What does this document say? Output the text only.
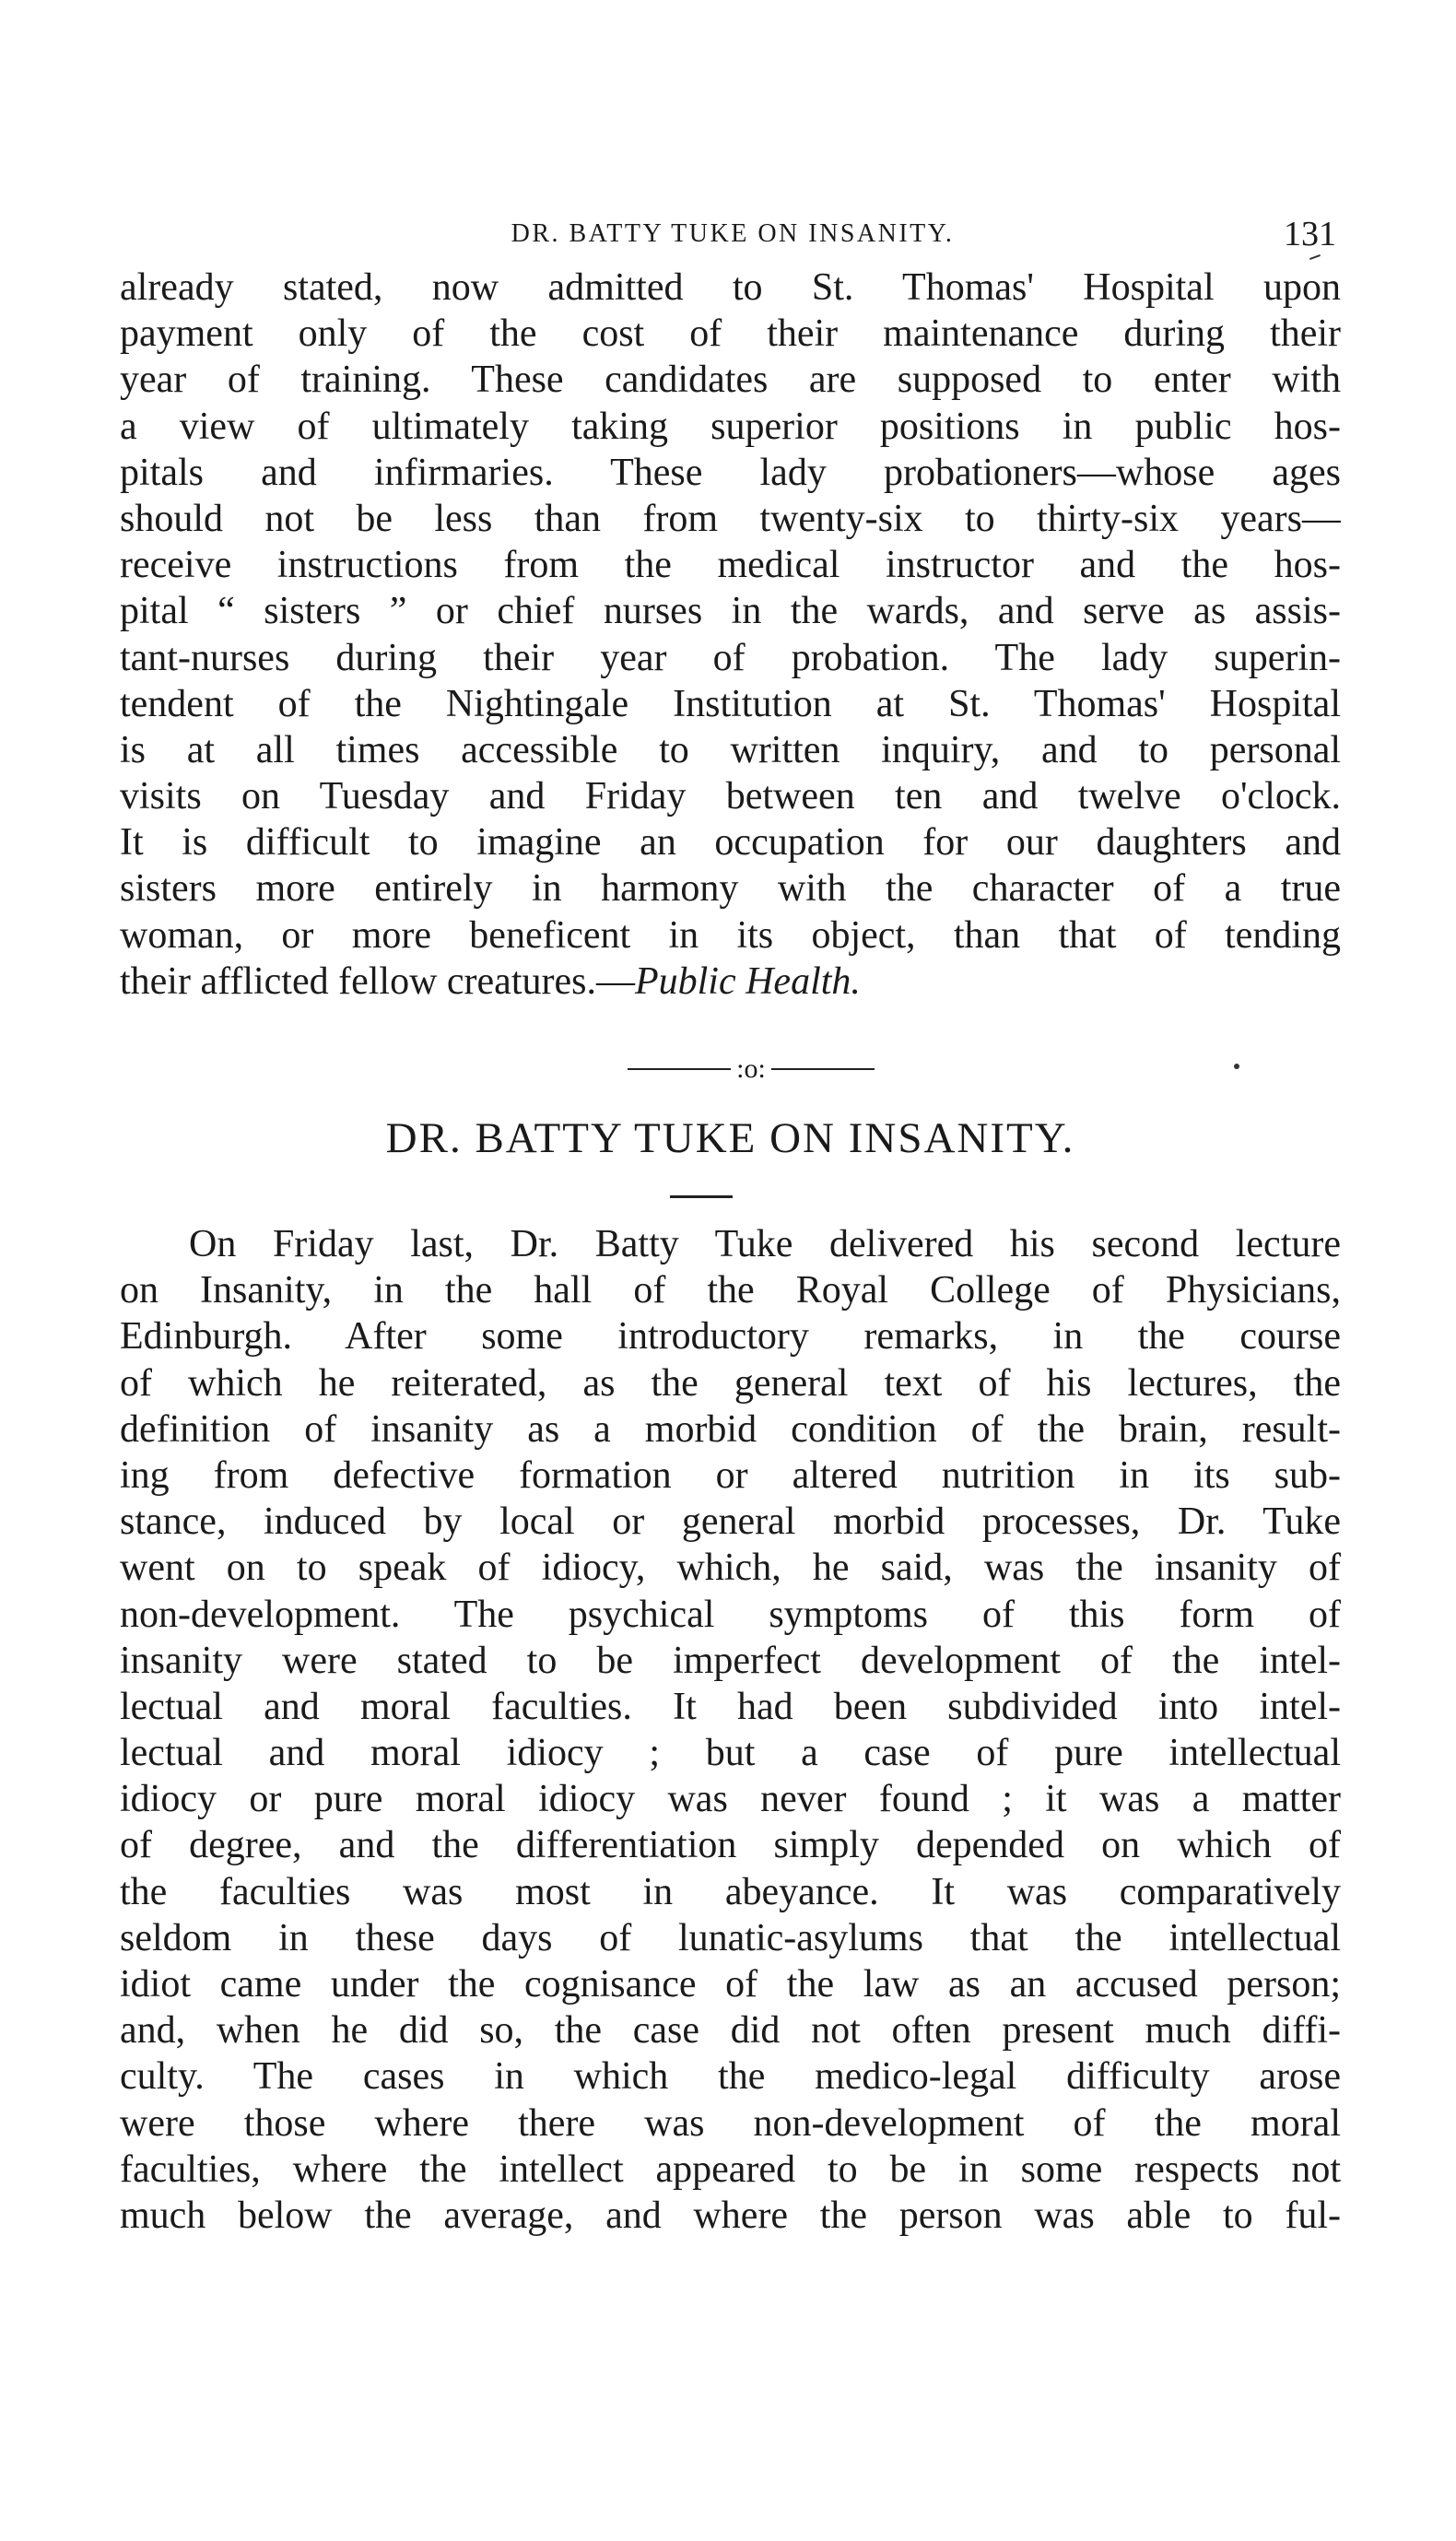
DR. BATTY TUKE ON INSANITY.	131
already stated, now admitted to St. Thomas' Hospital upon
payment only of the cost of their maintenance during their
year of training. These candidates are supposed to enter with
a view of ultimately taking superior positions in public hos-
pitals and infirmaries. These lady probationers—whose ages
should not be less than from twenty-six to thirty-six years—
receive instructions from the medical instructor and the hos-
pital “ sisters ” or chief nurses in the wards, and serve as assis-
tant-nurses during their year of probation. The lady superin-
tendent of the Nightingale Institution at St. Thomas' Hospital
is at all times accessible to written inquiry, and to personal
visits on Tuesday and Friday between ten and twelve o'clock.
It is difficult to imagine an occupation for our daughters and
sisters more entirely in harmony with the character of a true
woman, or more beneficent in its object, than that of tending
their afflicted fellow creatures.—Public Health.
:o:
DR. BATTY TUKE ON INSANITY.
On Friday last, Dr. Batty Tuke delivered his second lecture
on Insanity, in the hall of the Royal College of Physicians,
Edinburgh. After some introductory remarks, in the course
of which he reiterated, as the general text of his lectures, the
definition of insanity as a morbid condition of the brain, result-
ing from defective formation or altered nutrition in its sub-
stance, induced by local or general morbid processes, Dr. Tuke
went on to speak of idiocy, which, he said, was the insanity of
non-development. The psychical symptoms of this form of
insanity were stated to be imperfect development of the intel-
lectual and moral faculties. It had been subdivided into intel-
lectual and moral idiocy ; but a case of pure intellectual
idiocy or pure moral idiocy was never found ; it was a matter
of degree, and the differentiation simply depended on which of
the faculties was most in abeyance. It was comparatively
seldom in these days of lunatic-asylums that the intellectual
idiot came under the cognisance of the law as an accused person;
and, when he did so, the case did not often present much diffi-
culty. The cases in which the medico-legal difficulty arose
were those where there was non-development of the moral
faculties, where the intellect appeared to be in some respects not
much below the average, and where the person was able to ful-
